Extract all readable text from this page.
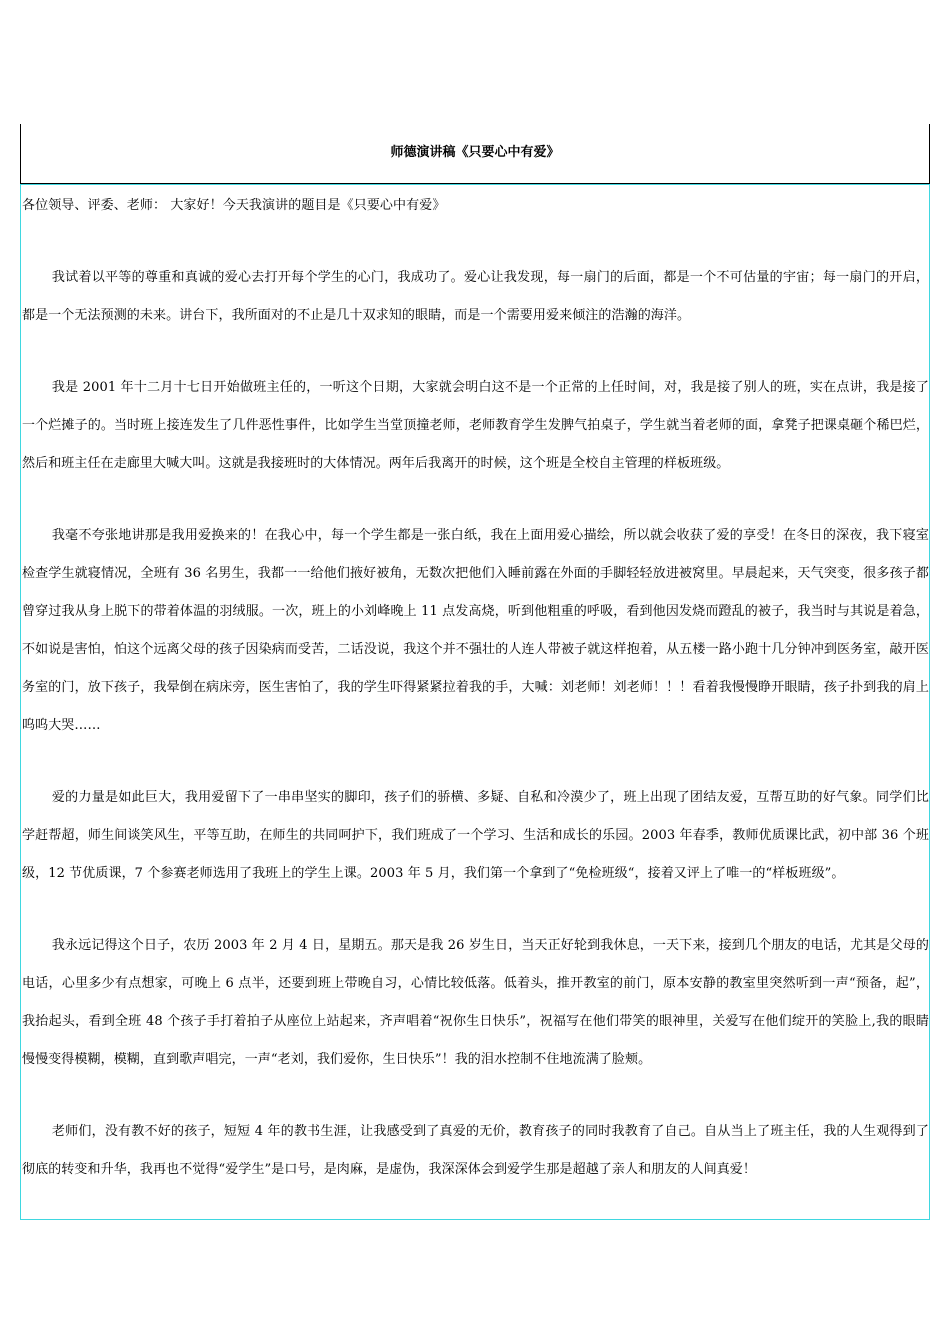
师德演讲稿《只要心中有爱》

各位领导、评委、老师： 大家好！今天我演讲的题目是《只要心中有爱》

我试着以平等的尊重和真诚的爱心去打开每个学生的心门，我成功了。爱心让我发现，每一扇门的后面，都是一个不可估量的宇宙；每一扇门的开启，都是一个无法预测的未来。讲台下，我所面对的不止是几十双求知的眼睛，而是一个需要用爱来倾注的浩瀚的海洋。

我是 2001 年十二月十七日开始做班主任的，一听这个日期，大家就会明白这不是一个正常的上任时间，对，我是接了别人的班，实在点讲，我是接了一个烂摊子的。当时班上接连发生了几件恶性事件，比如学生当堂顶撞老师，老师教育学生发脾气拍桌子，学生就当着老师的面，拿凳子把课桌砸个稀巴烂，然后和班主任在走廊里大喊大叫。这就是我接班时的大体情况。两年后我离开的时候，这个班是全校自主管理的样板班级。

我毫不夸张地讲那是我用爱换来的！在我心中，每一个学生都是一张白纸，我在上面用爱心描绘，所以就会收获了爱的享受！在冬日的深夜，我下寝室检查学生就寝情况，全班有 36 名男生，我都一一给他们掖好被角，无数次把他们入睡前露在外面的手脚轻轻放进被窝里。早晨起来，天气突变，很多孩子都曾穿过我从身上脱下的带着体温的羽绒服。一次，班上的小刘峰晚上 11 点发高烧，听到他粗重的呼吸，看到他因发烧而蹬乱的被子，我当时与其说是着急，不如说是害怕，怕这个远离父母的孩子因染病而受苦，二话没说，我这个并不强壮的人连人带被子就这样抱着，从五楼一路小跑十几分钟冲到医务室，敲开医务室的门，放下孩子，我晕倒在病床旁，医生害怕了，我的学生吓得紧紧拉着我的手，大喊：刘老师！刘老师！！！看着我慢慢睁开眼睛，孩子扑到我的肩上呜呜大哭……

爱的力量是如此巨大，我用爱留下了一串串坚实的脚印，孩子们的骄横、多疑、自私和冷漠少了，班上出现了团结友爱，互帮互助的好气象。同学们比学赶帮超，师生间谈笑风生，平等互助，在师生的共同呵护下，我们班成了一个学习、生活和成长的乐园。2003 年春季，教师优质课比武，初中部 36 个班级，12 节优质课，7 个参赛老师选用了我班上的学生上课。2003 年 5 月，我们第一个拿到了“免检班级“，接着又评上了唯一的“样板班级”。

我永远记得这个日子，农历 2003 年 2 月 4 日，星期五。那天是我 26 岁生日，当天正好轮到我休息，一天下来，接到几个朋友的电话，尤其是父母的电话，心里多少有点想家，可晚上 6 点半，还要到班上带晚自习，心情比较低落。低着头，推开教室的前门，原本安静的教室里突然听到一声“预备，起”，我抬起头，看到全班 48 个孩子手打着拍子从座位上站起来，齐声唱着“祝你生日快乐”，祝福写在他们带笑的眼神里，关爱写在他们绽开的笑脸上,我的眼睛慢慢变得模糊，模糊，直到歌声唱完，一声“老刘，我们爱你，生日快乐”！我的泪水控制不住地流满了脸颊。

老师们，没有教不好的孩子，短短 4 年的教书生涯，让我感受到了真爱的无价，教育孩子的同时我教育了自己。自从当上了班主任，我的人生观得到了彻底的转变和升华，我再也不觉得“爱学生”是口号，是肉麻，是虚伪，我深深体会到爱学生那是超越了亲人和朋友的人间真爱！
